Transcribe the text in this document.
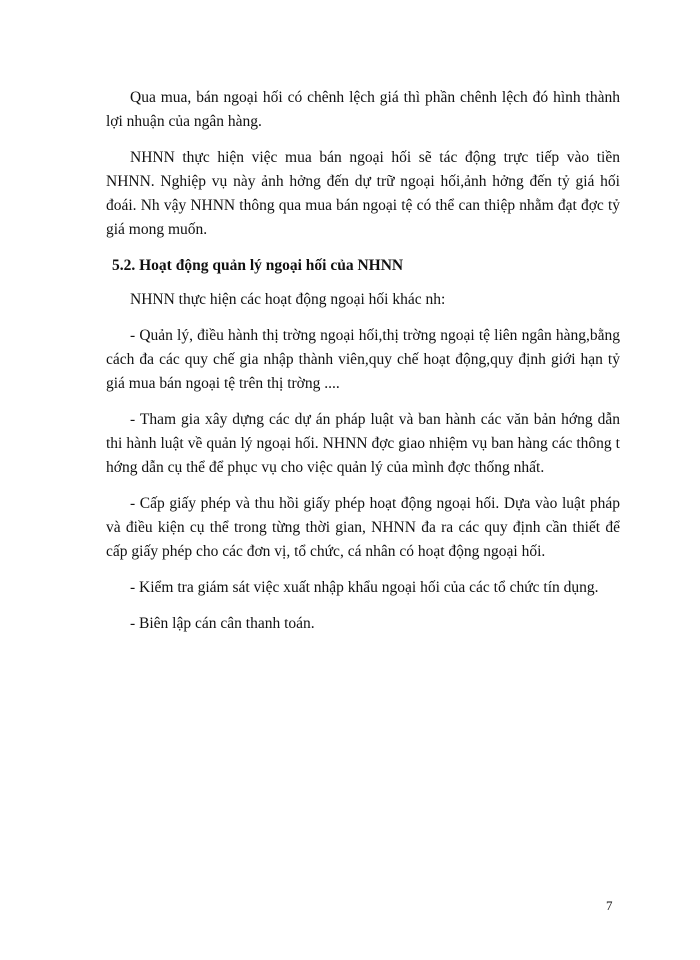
Qua mua, bán ngoại hối có chênh lệch giá thì phần chênh lệch đó hình thành lợi nhuận của ngân hàng.

NHNN thực hiện việc mua bán ngoại hối sẽ tác động trực tiếp vào tiền NHNN. Nghiệp vụ này ảnh hởng đến dự trữ ngoại hối,ảnh hởng đến tỷ giá hối đoái. Nh vậy NHNN thông qua mua bán ngoại tệ có thể can thiệp nhằm đạt đợc tỷ giá mong muốn.

5.2. Hoạt động quản lý ngoại hối của NHNN

NHNN thực hiện các hoạt động ngoại hối khác nh:

- Quản lý, điều hành thị trờng ngoại hối,thị trờng ngoại tệ liên ngân hàng,bằng cách đa các quy chế gia nhập thành viên,quy chế hoạt động,quy định giới hạn tỷ giá mua bán ngoại tệ trên thị trờng ....

- Tham gia xây dựng các dự án pháp luật và ban hành các văn bản hớng dẫn thi hành luật về quản lý ngoại hối. NHNN đợc giao nhiệm vụ ban hàng các thông t hớng dẫn cụ thể để phục vụ cho việc quản lý của mình đợc thống nhất.

- Cấp giấy phép và thu hồi giấy phép hoạt động ngoại hối. Dựa vào luật pháp và điều kiện cụ thể trong từng thời gian, NHNN đa ra các quy định cần thiết để cấp giấy phép cho các đơn vị, tổ chức, cá nhân có hoạt động ngoại hối.

- Kiểm tra giám sát việc xuất nhập khẩu ngoại hối của các tổ chức tín dụng.

- Biên lập cán cân thanh toán.

7
